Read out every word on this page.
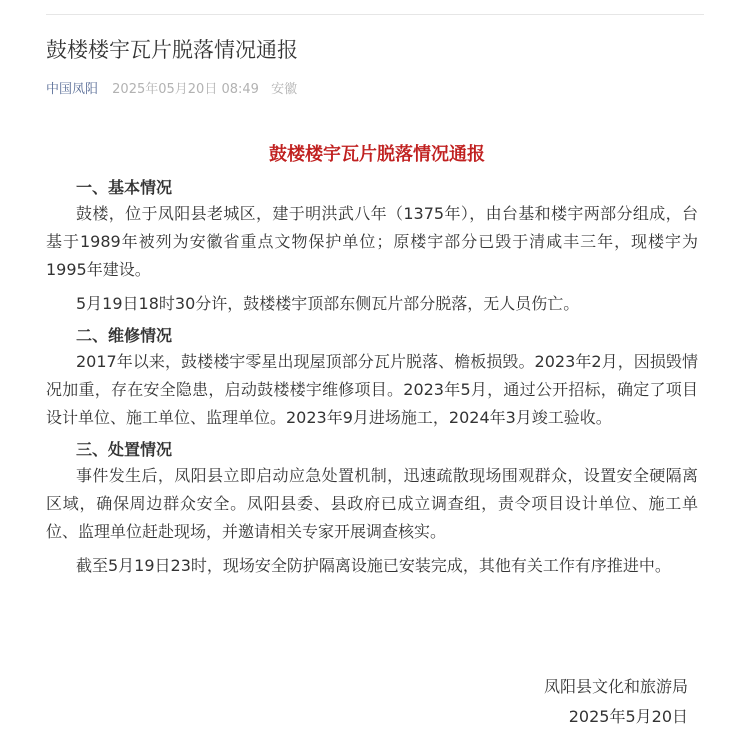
鼓楼楼宇瓦片脱落情况通报
中国凤阳 2025年05月20日 08:49 安徽
鼓楼楼宇瓦片脱落情况通报
一、基本情况

鼓楼，位于凤阳县老城区，建于明洪武八年（1375年），由台基和楼宇两部分组成，台基于1989年被列为安徽省重点文物保护单位；原楼宇部分已毁于清咸丰三年，现楼宇为1995年建设。

5月19日18时30分许，鼓楼楼宇顶部东侧瓦片部分脱落，无人员伤亡。

二、维修情况

2017年以来，鼓楼楼宇零星出现屋顶部分瓦片脱落、檐板损毁。2023年2月，因损毁情况加重，存在安全隐患，启动鼓楼楼宇维修项目。2023年5月，通过公开招标，确定了项目设计单位、施工单位、监理单位。2023年9月进场施工，2024年3月竣工验收。

三、处置情况

事件发生后，凤阳县立即启动应急处置机制，迅速疏散现场围观群众，设置安全硬隔离区域，确保周边群众安全。凤阳县委、县政府已成立调查组，责令项目设计单位、施工单位、监理单位赶赴现场，并邀请相关专家开展调查核实。

截至5月19日23时，现场安全防护隔离设施已安装完成，其他有关工作有序推进中。

凤阳县文化和旅游局
2025年5月20日
